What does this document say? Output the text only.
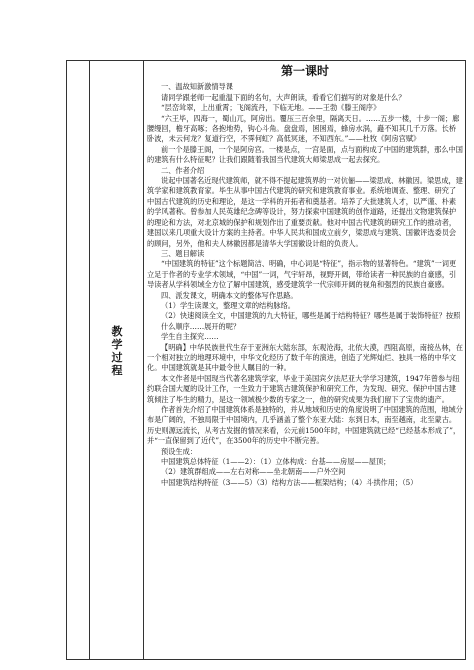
教
学
过
程
第一课时

一、温故知新激情导课

请同学跟老师一起重温下面的名句，大声朗读，看看它们描写的对象是什么？

“层峦耸翠，上出重霄；飞阁流丹，下临无地。——王勃《滕王阁序》

“六王毕，四海一，蜀山兀，阿房出。覆压三百余里，隔离天日。……五步一楼，十步一阁；廊腰缦回，檐牙高啄；各抱地势，钩心斗角。盘盘焉，囷囷焉，蜂房水涡，矗不知其几千万落。长桥卧波，未云何龙？复道行空，不霁何虹？高低冥迷，不知西东。”——杜牧《阿房宫赋》

前一个是滕王阁，一个是阿房宫。一楼是点，一宫是面，点与面构成了中国的建筑群，那么中国的建筑有什么特征呢？让我们跟随着我国当代建筑大师梁思成一起去探究。

二、作者介绍

说起中国著名近现代建筑师，就不得不提起建筑界的一对伉俪——梁思成、林徽因。梁思成，建筑学家和建筑教育家。毕生从事中国古代建筑的研究和建筑教育事业。系统地调查、整理、研究了中国古代建筑的历史和理论，是这一学科的开拓者和奠基者。培养了大批建筑人才，以严谨、朴素的学风著称。曾参加人民英雄纪念碑等设计，努力探索中国建筑的创作道路，还提出文物建筑保护的理论和方法，对北京城的保护和规划作出了重要贡献。他对中国古代建筑的研究工作的推动者，建国以来几项重大设计方案的主持者。中华人民共和国成立前夕，梁思成与建筑、国徽评选委员会的顾问，另外，他和夫人林徽因都是清华大学国徽设计组的负责人。

三、题目解读

“中国建筑的特征”这个标题简洁、明确，中心词是“特征”，指示物的显著特色。“建筑”一词更立足于作者的专业学术领域，“中国”一词，气宇轩昂，视野开阔，带给读者一种民族的自豪感，引导读者从学科领域全方位了解中国建筑，感受建筑学一代宗师开阔的视角和强烈的民族自豪感。

四、派发课文，明确本文的整体写作思路。

（1）学生读课文，整理文章的结构脉络。

（2）快速阅读全文，中国建筑的九大特征，哪些是属于结构特征？哪些是属于装饰特征？按照什么顺序……展开的呢？

学生自主探究……

【明确】中华民族世代生存于亚洲东大陆东部，东观沧海，北依大漠，西阻高原，南接丛林，在一个相对独立的地理环境中，中华文化经历了数千年的演进，创造了光辉灿烂、独具一格的中华文化。中国建筑就是其中最令世人瞩目的一种。

本文作者是中国现当代著名建筑学家，毕业于美国宾夕法尼亚大学学习建筑，1947年曾参与纽约联合国大厦的设计工作，一生致力于建筑古建筑保护和研究工作，为发现、研究、保护中国古建筑倾注了毕生的精力，是这一领域极少数的专家之一，他的研究成果为我们留下了宝贵的遗产。

作者首先介绍了中国建筑体系是独特的，并从地域和历史的角度说明了中国建筑的范围，地域分布是广阔的，不独局限于中国境内，几乎涵盖了整个东亚大陆：东到日本，南至越南，北至蒙古。历史则源远流长，从考古发掘的情况来看，公元前1500年时，中国建筑就已经“已经基本形成了”，并“一直保留到了近代”，在3500年的历史中不断完善。

预设生成：

中国建筑总体特征（1——2）：（1）立体构成：台基——房屋——屋顶；

（2）建筑群组成——左右对称——坐北朝南——户外空间

中国建筑结构特征（3——5）（3）结构方法——框架结构；（4）斗拱作用；（5）
